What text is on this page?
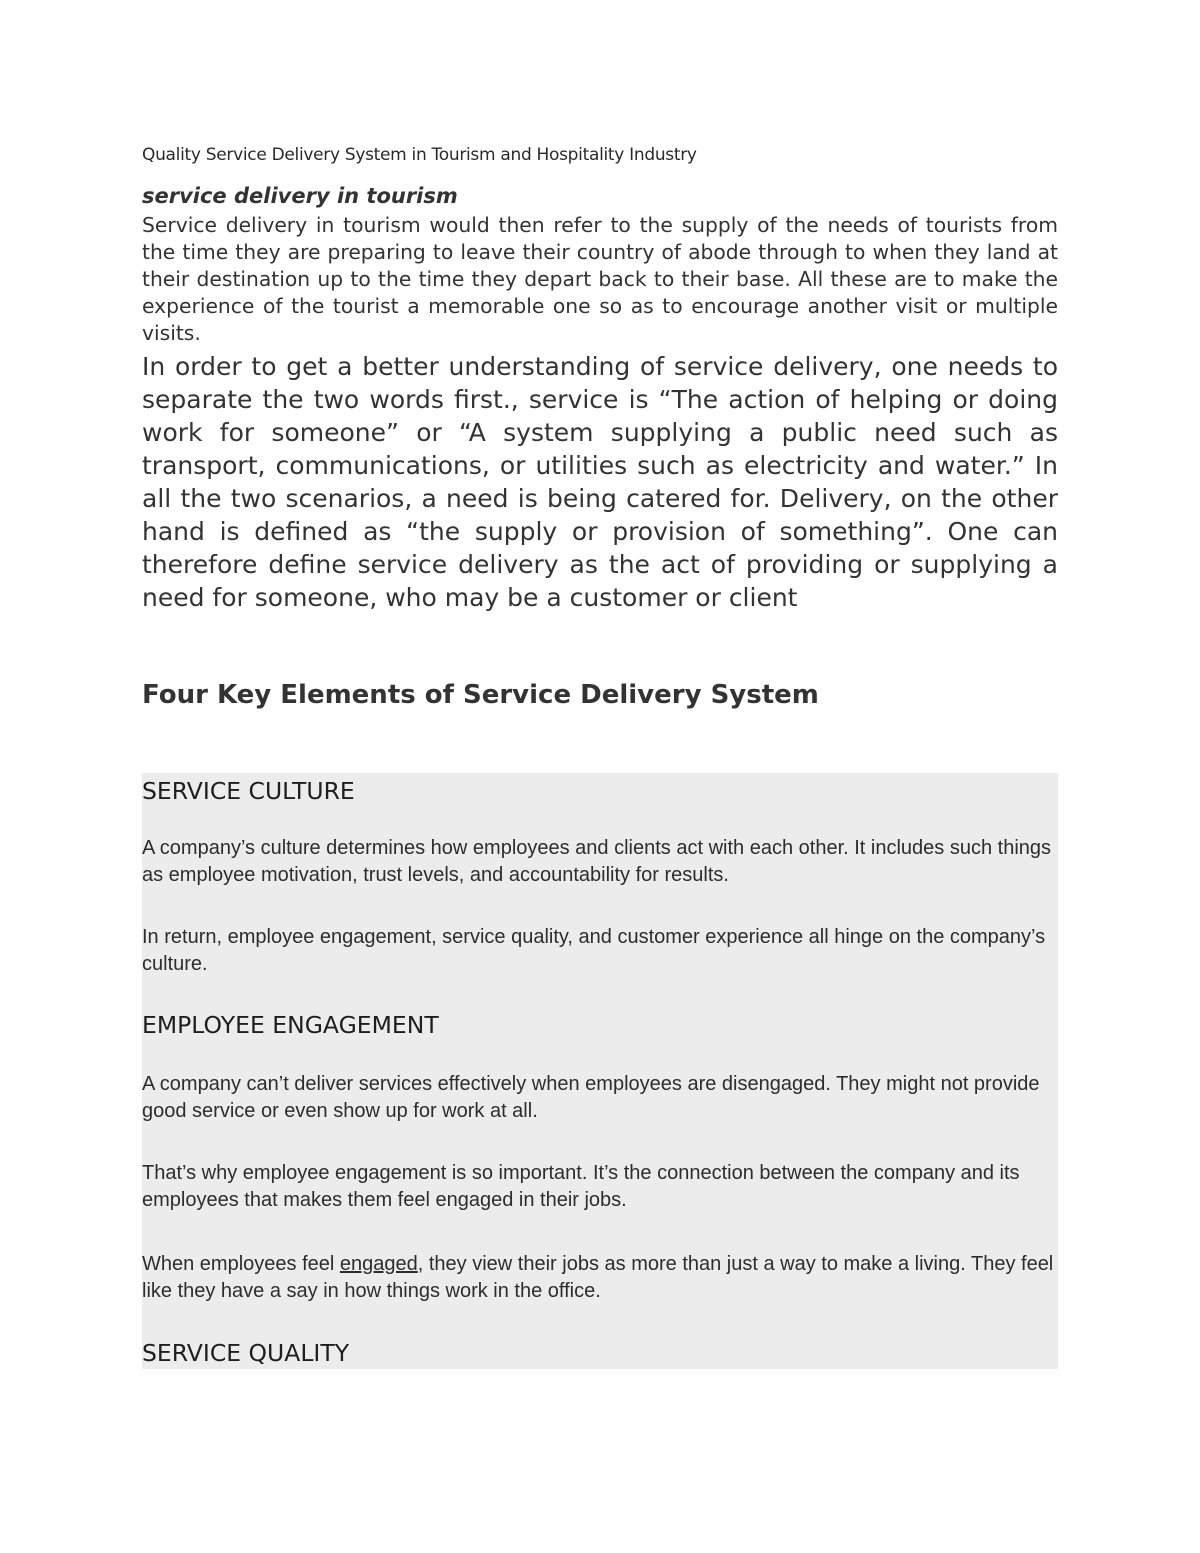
Quality Service Delivery System in Tourism and Hospitality Industry
service delivery in tourism

Service delivery in tourism would then refer to the supply of the needs of tourists from the time they are preparing to leave their country of abode through to when they land at their destination up to the time they depart back to their base. All these are to make the experience of the tourist a memorable one so as to encourage another visit or multiple visits.

In order to get a better understanding of service delivery, one needs to separate the two words first., service is “The action of helping or doing work for someone” or “A system supplying a public need such as transport, communications, or utilities such as electricity and water.” In all the two scenarios, a need is being catered for. Delivery, on the other hand is defined as “the supply or provision of something”. One can therefore define service delivery as the act of providing or supplying a need for someone, who may be a customer or client

Four Key Elements of Service Delivery System
SERVICE CULTURE

A company’s culture determines how employees and clients act with each other. It includes such things as employee motivation, trust levels, and accountability for results.

In return, employee engagement, service quality, and customer experience all hinge on the company’s culture.

EMPLOYEE ENGAGEMENT

A company can’t deliver services effectively when employees are disengaged. They might not provide good service or even show up for work at all.

That’s why employee engagement is so important. It’s the connection between the company and its employees that makes them feel engaged in their jobs.

When employees feel engaged, they view their jobs as more than just a way to make a living. They feel like they have a say in how things work in the office.

SERVICE QUALITY
